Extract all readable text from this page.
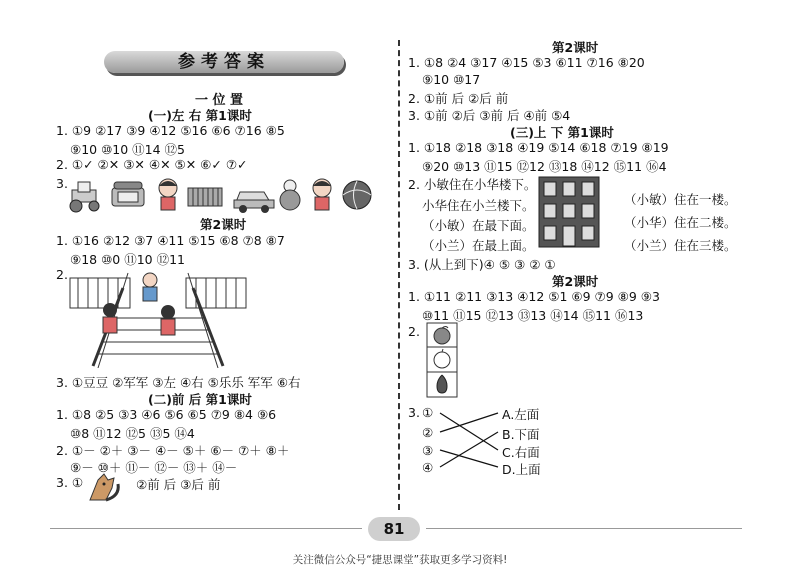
参考答案
一 位 置
(一)左 右 第1课时
1. ①9 ②17 ③9 ④12 ⑤16 ⑥6 ⑦16 ⑧5
⑨10 ⑩10 ⑪14 ⑫5
2. ①✓ ②✕ ③✕ ④✕ ⑤✕ ⑥✓ ⑦✓
3.
第2课时
1. ①16 ②12 ③7 ④11 ⑤15 ⑥8 ⑦8 ⑧7
⑨18 ⑩0 ⑪10 ⑫11
2.
3. ①豆豆 ②军军 ③左 ④右 ⑤乐乐 军军 ⑥右
(二)前 后 第1课时
1. ①8 ②5 ③3 ④6 ⑤6 ⑥5 ⑦9 ⑧4 ⑨6
⑩8 ⑪12 ⑫5 ⑬5 ⑭4
2. ①－ ②＋ ③－ ④－ ⑤＋ ⑥－ ⑦＋ ⑧＋
⑨－ ⑩＋ ⑪－ ⑫－ ⑬＋ ⑭－
3. ①	②前 后 ③后 前
第2课时
1. ①8 ②4 ③17 ④15 ⑤3 ⑥11 ⑦16 ⑧20
⑨10 ⑩17
2. ①前 后 ②后 前
3. ①前 ②后 ③前 后 ④前 ⑤4
(三)上 下 第1课时
1. ①18 ②18 ③18 ④19 ⑤14 ⑥18 ⑦19 ⑧19
⑨20 ⑩13 ⑪15 ⑫12 ⑬18 ⑭12 ⑮11 ⑯4
2. 小敏住在小华楼下。
小华住在小兰楼下。
（小敏）在最下面。
（小兰）在最上面。
（小敏）住在一楼。
（小华）住在二楼。
（小兰）住在三楼。
3. (从上到下)④ ⑤ ③ ② ①
第2课时
1. ①11 ②11 ③13 ④12 ⑤1 ⑥9 ⑦9 ⑧9 ⑨3
⑩11 ⑪15 ⑫13 ⑬13 ⑭14 ⑮11 ⑯13
2.
3. ①
②
③
④
A.左面
B.下面
C.右面
D.上面
81
关注微信公众号“捷思课堂”获取更多学习资料!
